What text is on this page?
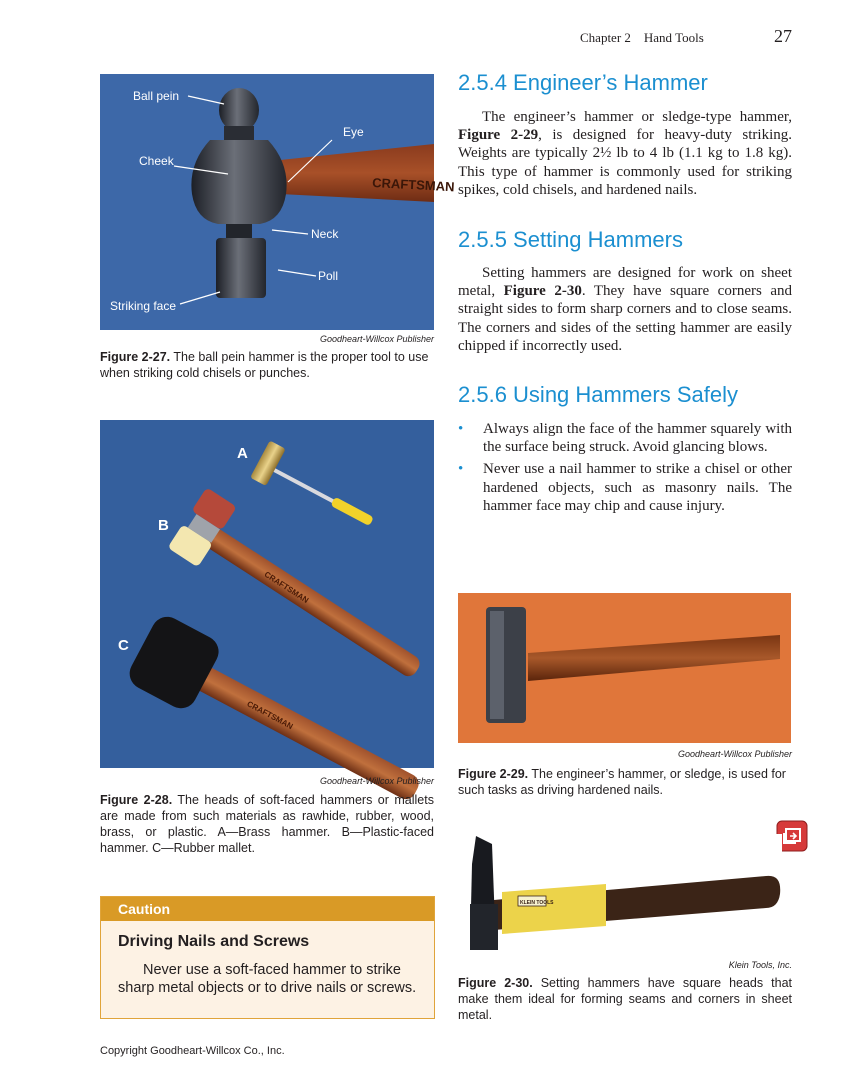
Chapter 2    Hand Tools	27
CRAFTSMAN
Ball pein
Eye
Cheek
Neck
Poll
Striking face
Goodheart-Willcox Publisher
Figure 2-27. The ball pein hammer is the proper tool to use when striking cold chisels or punches.
CRAFTSMAN
CRAFTSMAN
A
B
C
Goodheart-Willcox Publisher
Figure 2-28. The heads of soft-faced hammers or mallets are made from such materials as rawhide, rubber, wood, brass, or plastic. A—Brass hammer. B—Plastic-faced hammer. C—Rubber mallet.
Caution
Driving Nails and Screws
Never use a soft-faced hammer to strike sharp metal objects or to drive nails or screws.
Copyright Goodheart-Willcox Co., Inc.
2.5.4 Engineer’s Hammer

The engineer’s hammer or sledge-type hammer, Figure 2-29, is designed for heavy-duty striking. Weights are typically 2½ lb to 4 lb (1.1 kg to 1.8 kg). This type of hammer is commonly used for striking spikes, cold chisels, and hardened nails.

2.5.5 Setting Hammers

Setting hammers are designed for work on sheet metal, Figure 2-30. They have square corners and straight sides to form sharp corners and to close seams. The corners and sides of the setting hammer are easily chipped if incorrectly used.

2.5.6 Using Hammers Safely
• Always align the face of the hammer squarely with the surface being struck. Avoid glancing blows.
• Never use a nail hammer to strike a chisel or other hardened objects, such as masonry nails. The hammer face may chip and cause injury.
Goodheart-Willcox Publisher
Figure 2-29. The engineer’s hammer, or sledge, is used for such tasks as driving hardened nails.
KLEIN TOOLS
Klein Tools, Inc.
Figure 2-30. Setting hammers have square heads that make them ideal for forming seams and corners in sheet metal.
